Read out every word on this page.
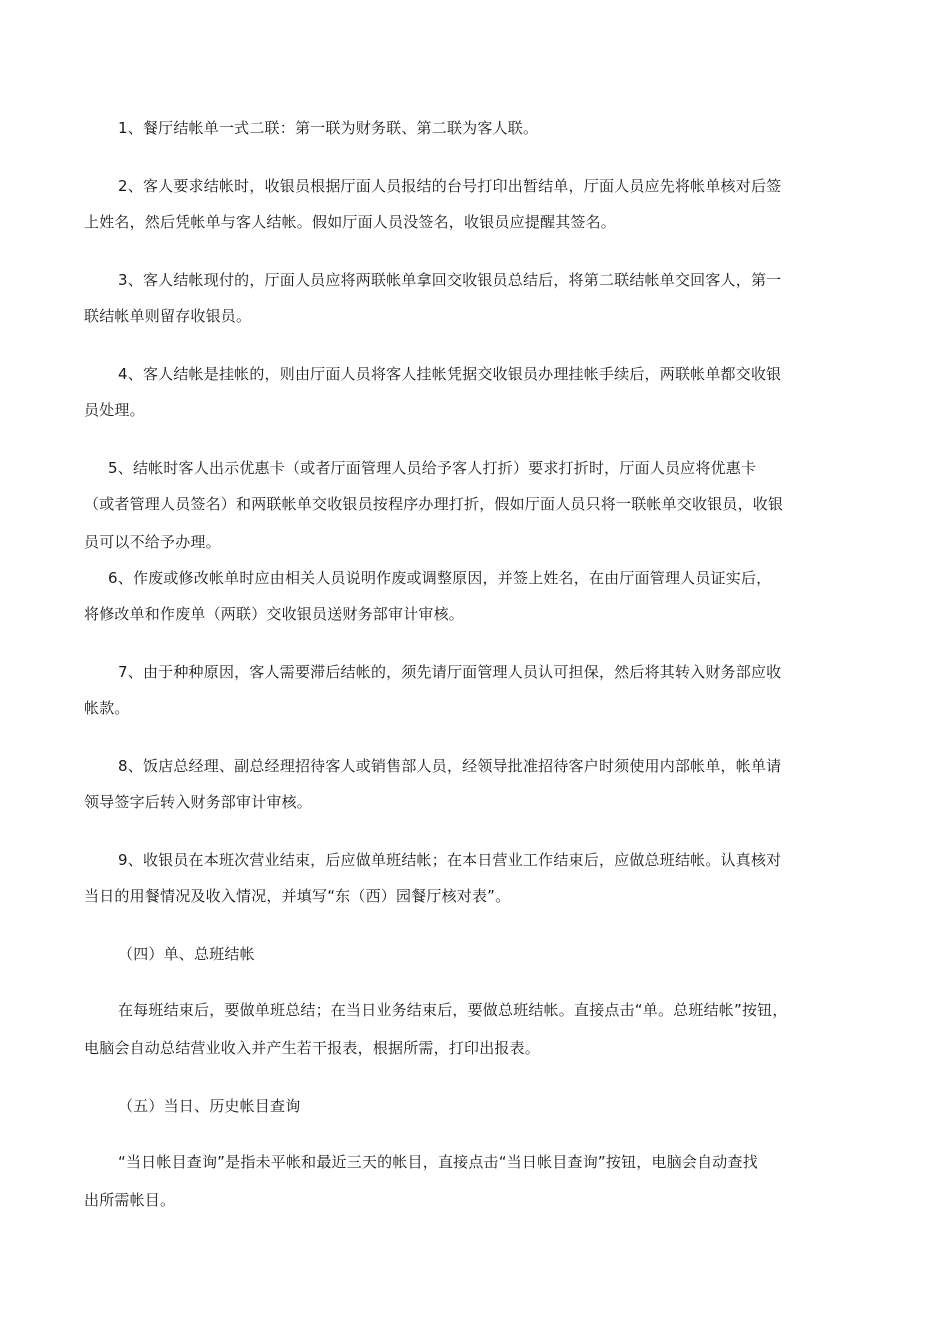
1、餐厅结帐单一式二联：第一联为财务联、第二联为客人联。
2、客人要求结帐时，收银员根据厅面人员报结的台号打印出暂结单，厅面人员应先将帐单核对后签
上姓名，然后凭帐单与客人结帐。假如厅面人员没签名，收银员应提醒其签名。
3、客人结帐现付的，厅面人员应将两联帐单拿回交收银员总结后，将第二联结帐单交回客人，第一
联结帐单则留存收银员。
4、客人结帐是挂帐的，则由厅面人员将客人挂帐凭据交收银员办理挂帐手续后，两联帐单都交收银
员处理。
5、结帐时客人出示优惠卡（或者厅面管理人员给予客人打折）要求打折时，厅面人员应将优惠卡
（或者管理人员签名）和两联帐单交收银员按程序办理打折，假如厅面人员只将一联帐单交收银员，收银
员可以不给予办理。
6、作废或修改帐单时应由相关人员说明作废或调整原因，并签上姓名，在由厅面管理人员证实后，
将修改单和作废单（两联）交收银员送财务部审计审核。
7、由于种种原因，客人需要滞后结帐的，须先请厅面管理人员认可担保，然后将其转入财务部应收
帐款。
8、饭店总经理、副总经理招待客人或销售部人员，经领导批准招待客户时须使用内部帐单，帐单请
领导签字后转入财务部审计审核。
9、收银员在本班次营业结束，后应做单班结帐；在本日营业工作结束后，应做总班结帐。认真核对
当日的用餐情况及收入情况，并填写“东（西）园餐厅核对表”。
（四）单、总班结帐
在每班结束后，要做单班总结；在当日业务结束后，要做总班结帐。直接点击“单。总班结帐”按钮，
电脑会自动总结营业收入并产生若干报表，根据所需，打印出报表。
（五）当日、历史帐目查询
“当日帐目查询”是指未平帐和最近三天的帐目，直接点击“当日帐目查询”按钮，电脑会自动查找
出所需帐目。
